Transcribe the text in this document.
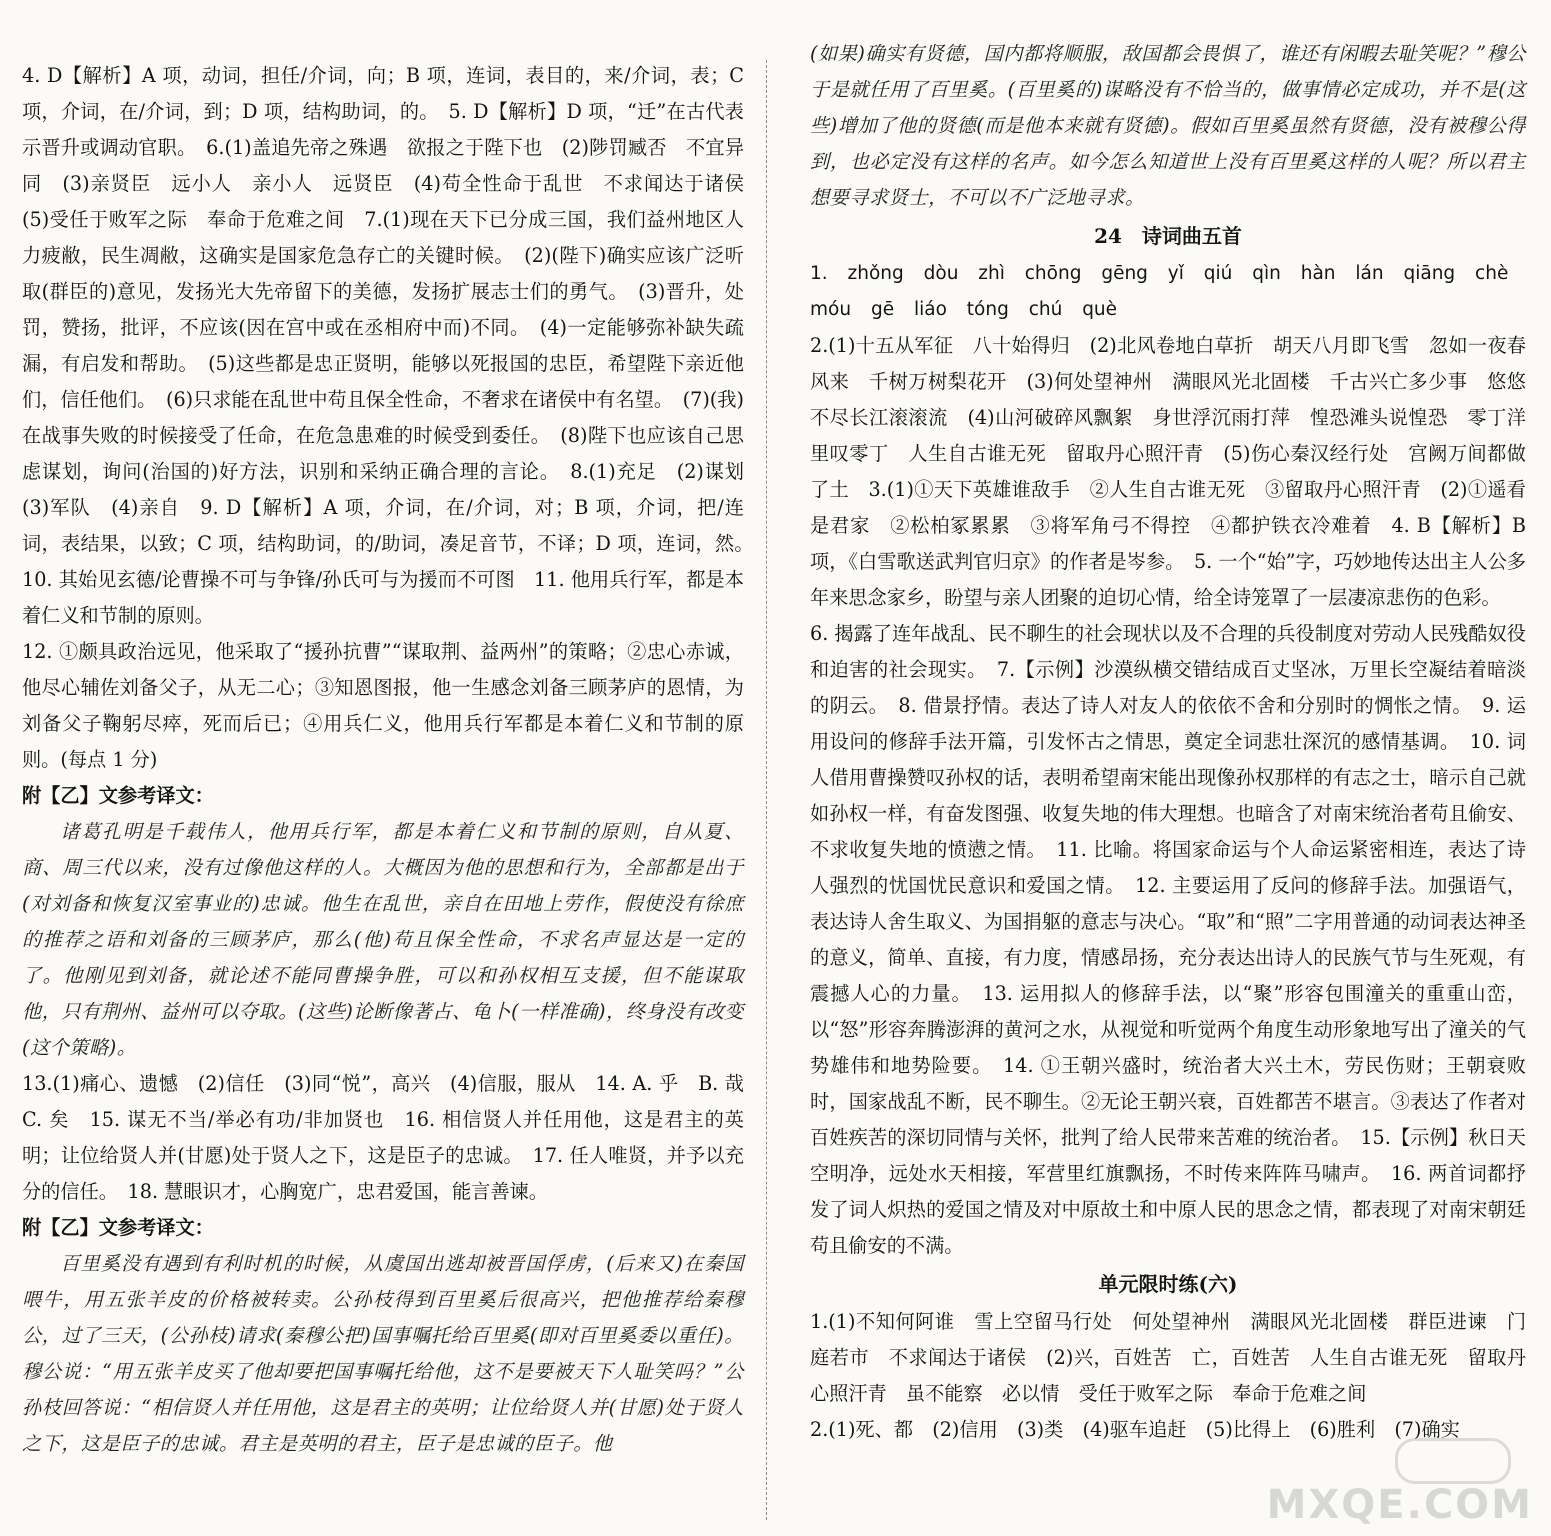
4. D【解析】A 项，动词，担任/介词，向；B 项，连词，表目的，来/介词，表；C 项，介词，在/介词，到；D 项，结构助词，的。　5. D【解析】D 项，“迁”在古代表示晋升或调动官职。　6.(1)盖追先帝之殊遇　欲报之于陛下也　(2)陟罚臧否　不宜异同　(3)亲贤臣　远小人　亲小人　远贤臣　(4)苟全性命于乱世　不求闻达于诸侯　(5)受任于败军之际　奉命于危难之间　7.(1)现在天下已分成三国，我们益州地区人力疲敝，民生凋敝，这确实是国家危急存亡的关键时候。　(2)(陛下)确实应该广泛听取(群臣的)意见，发扬光大先帝留下的美德，发扬扩展志士们的勇气。　(3)晋升，处罚，赞扬，批评，不应该(因在宫中或在丞相府中而)不同。　(4)一定能够弥补缺失疏漏，有启发和帮助。　(5)这些都是忠正贤明，能够以死报国的忠臣，希望陛下亲近他们，信任他们。　(6)只求能在乱世中苟且保全性命，不奢求在诸侯中有名望。　(7)(我)在战事失败的时候接受了任命，在危急患难的时候受到委任。　(8)陛下也应该自己思虑谋划，询问(治国的)好方法，识别和采纳正确合理的言论。　8.(1)充足　(2)谋划　(3)军队　(4)亲自　9. D【解析】A 项，介词，在/介词，对；B 项，介词，把/连词，表结果，以致；C 项，结构助词，的/助词，凑足音节，不译；D 项，连词，然。　10. 其始见玄德/论曹操不可与争锋/孙氏可与为援而不可图　11. 他用兵行军，都是本着仁义和节制的原则。

12. ①颇具政治远见，他采取了“援孙抗曹”“谋取荆、益两州”的策略；②忠心赤诚，他尽心辅佐刘备父子，从无二心；③知恩图报，他一生感念刘备三顾茅庐的恩情，为刘备父子鞠躬尽瘁，死而后已；④用兵仁义，他用兵行军都是本着仁义和节制的原则。(每点 1 分)

附【乙】文参考译文：

诸葛孔明是千载伟人，他用兵行军，都是本着仁义和节制的原则，自从夏、商、周三代以来，没有过像他这样的人。大概因为他的思想和行为，全部都是出于(对刘备和恢复汉室事业的)忠诚。他生在乱世，亲自在田地上劳作，假使没有徐庶的推荐之语和刘备的三顾茅庐，那么(他)苟且保全性命，不求名声显达是一定的了。他刚见到刘备，就论述不能同曹操争胜，可以和孙权相互支援，但不能谋取他，只有荆州、益州可以夺取。(这些)论断像著占、龟卜(一样准确)，终身没有改变(这个策略)。

13.(1)痛心、遗憾　(2)信任　(3)同“悦”，高兴　(4)信服，服从　14. A. 乎　B. 哉　C. 矣　15. 谋无不当/举必有功/非加贤也　16. 相信贤人并任用他，这是君主的英明；让位给贤人并(甘愿)处于贤人之下，这是臣子的忠诚。　17. 任人唯贤，并予以充分的信任。　18. 慧眼识才，心胸宽广，忠君爱国，能言善谏。

附【乙】文参考译文：

百里奚没有遇到有利时机的时候，从虞国出逃却被晋国俘虏，(后来又)在秦国喂牛，用五张羊皮的价格被转卖。公孙枝得到百里奚后很高兴，把他推荐给秦穆公，过了三天，(公孙枝)请求(秦穆公把)国事嘱托给百里奚(即对百里奚委以重任)。穆公说：“用五张羊皮买了他却要把国事嘱托给他，这不是要被天下人耻笑吗？”公孙枝回答说：“相信贤人并任用他，这是君主的英明；让位给贤人并(甘愿)处于贤人之下，这是臣子的忠诚。君主是英明的君主，臣子是忠诚的臣子。他

(如果)确实有贤德，国内都将顺服，敌国都会畏惧了，谁还有闲暇去耻笑呢？”穆公于是就任用了百里奚。(百里奚的)谋略没有不恰当的，做事情必定成功，并不是(这些)增加了他的贤德(而是他本来就有贤德)。假如百里奚虽然有贤德，没有被穆公得到，也必定没有这样的名声。如今怎么知道世上没有百里奚这样的人呢？所以君主想要寻求贤士，不可以不广泛地寻求。

24　诗词曲五首

1. zhǒng dòu zhì chōng gēng yǐ qiú qìn hàn lán qiāng chè

móu gē liáo tóng chú què

2.(1)十五从军征　八十始得归　(2)北风卷地白草折　胡天八月即飞雪　忽如一夜春风来　千树万树梨花开　(3)何处望神州　满眼风光北固楼　千古兴亡多少事　悠悠　不尽长江滚滚流　(4)山河破碎风飘絮　身世浮沉雨打萍　惶恐滩头说惶恐　零丁洋里叹零丁　人生自古谁无死　留取丹心照汗青　(5)伤心秦汉经行处　宫阙万间都做了土　3.(1)①天下英雄谁敌手　②人生自古谁无死　③留取丹心照汗青　(2)①遥看是君家　②松柏冢累累　③将军角弓不得控　④都护铁衣冷难着　4. B【解析】B 项，《白雪歌送武判官归京》的作者是岑参。　5. 一个“始”字，巧妙地传达出主人公多年来思念家乡，盼望与亲人团聚的迫切心情，给全诗笼罩了一层凄凉悲伤的色彩。

6. 揭露了连年战乱、民不聊生的社会现状以及不合理的兵役制度对劳动人民残酷奴役和迫害的社会现实。　7.【示例】沙漠纵横交错结成百丈坚冰，万里长空凝结着暗淡的阴云。　8. 借景抒情。表达了诗人对友人的依依不舍和分别时的惆怅之情。　9. 运用设问的修辞手法开篇，引发怀古之情思，奠定全词悲壮深沉的感情基调。　10. 词人借用曹操赞叹孙权的话，表明希望南宋能出现像孙权那样的有志之士，暗示自己就如孙权一样，有奋发图强、收复失地的伟大理想。也暗含了对南宋统治者苟且偷安、不求收复失地的愤懑之情。　11. 比喻。将国家命运与个人命运紧密相连，表达了诗人强烈的忧国忧民意识和爱国之情。　12. 主要运用了反问的修辞手法。加强语气，表达诗人舍生取义、为国捐躯的意志与决心。“取”和“照”二字用普通的动词表达神圣的意义，简单、直接，有力度，情感昂扬，充分表达出诗人的民族气节与生死观，有震撼人心的力量。　13. 运用拟人的修辞手法，以“聚”形容包围潼关的重重山峦，以“怒”形容奔腾澎湃的黄河之水，从视觉和听觉两个角度生动形象地写出了潼关的气势雄伟和地势险要。　14. ①王朝兴盛时，统治者大兴土木，劳民伤财；王朝衰败时，国家战乱不断，民不聊生。②无论王朝兴衰，百姓都苦不堪言。③表达了作者对百姓疾苦的深切同情与关怀，批判了给人民带来苦难的统治者。　15.【示例】秋日天空明净，远处水天相接，军营里红旗飘扬，不时传来阵阵马啸声。　16. 两首词都抒发了词人炽热的爱国之情及对中原故土和中原人民的思念之情，都表现了对南宋朝廷苟且偷安的不满。

单元限时练(六)

1.(1)不知何阿谁　雪上空留马行处　何处望神州　满眼风光北固楼　群臣进谏　门庭若市　不求闻达于诸侯　(2)兴，百姓苦　亡，百姓苦　人生自古谁无死　留取丹心照汗青　虽不能察　必以情　受任于败军之际　奉命于危难之间

2.(1)死、都　(2)信用　(3)类　(4)驱车追赶　(5)比得上　(6)胜利　(7)确实

MXQE.COM
